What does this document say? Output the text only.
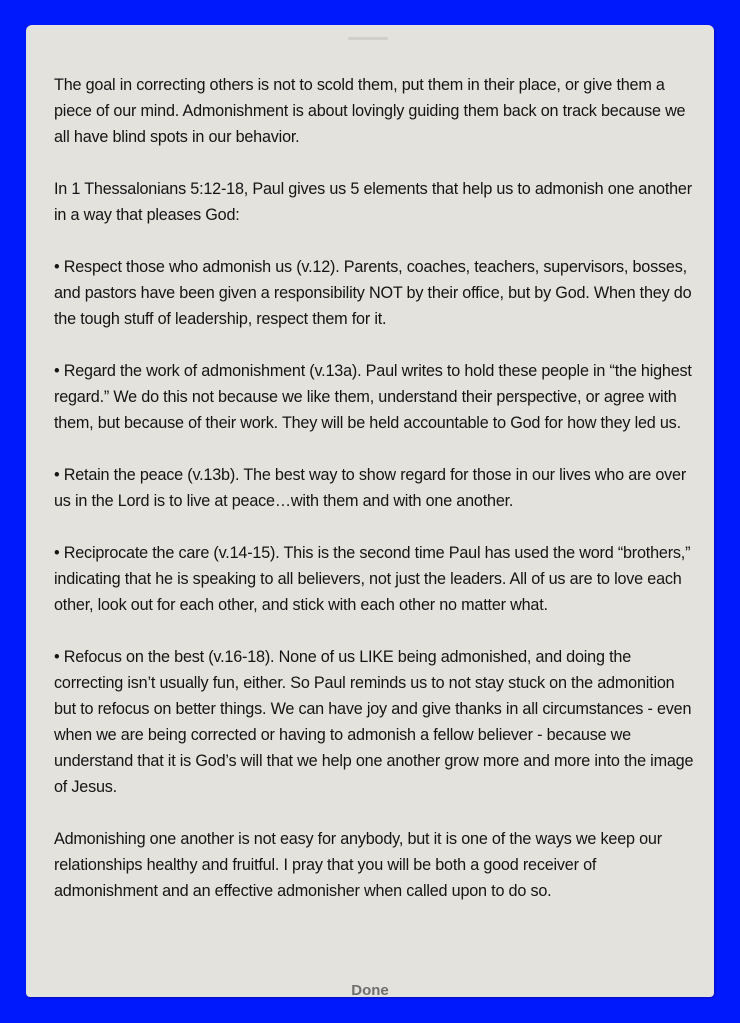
The goal in correcting others is not to scold them, put them in their place, or give them a piece of our mind. Admonishment is about lovingly guiding them back on track because we all have blind spots in our behavior.

In 1 Thessalonians 5:12-18, Paul gives us 5 elements that help us to admonish one another in a way that pleases God:

• Respect those who admonish us (v.12). Parents, coaches, teachers, supervisors, bosses, and pastors have been given a responsibility NOT by their office, but by God. When they do the tough stuff of leadership, respect them for it.

• Regard the work of admonishment (v.13a). Paul writes to hold these people in “the highest regard.” We do this not because we like them, understand their perspective, or agree with them, but because of their work. They will be held accountable to God for how they led us.

• Retain the peace (v.13b). The best way to show regard for those in our lives who are over us in the Lord is to live at peace…with them and with one another.

• Reciprocate the care (v.14-15). This is the second time Paul has used the word “brothers,” indicating that he is speaking to all believers, not just the leaders. All of us are to love each other, look out for each other, and stick with each other no matter what.

• Refocus on the best (v.16-18). None of us LIKE being admonished, and doing the correcting isn’t usually fun, either. So Paul reminds us to not stay stuck on the admonition but to refocus on better things. We can have joy and give thanks in all circumstances - even when we are being corrected or having to admonish a fellow believer - because we understand that it is God’s will that we help one another grow more and more into the image of Jesus.

Admonishing one another is not easy for anybody, but it is one of the ways we keep our relationships healthy and fruitful. I pray that you will be both a good receiver of admonishment and an effective admonisher when called upon to do so.

Done
